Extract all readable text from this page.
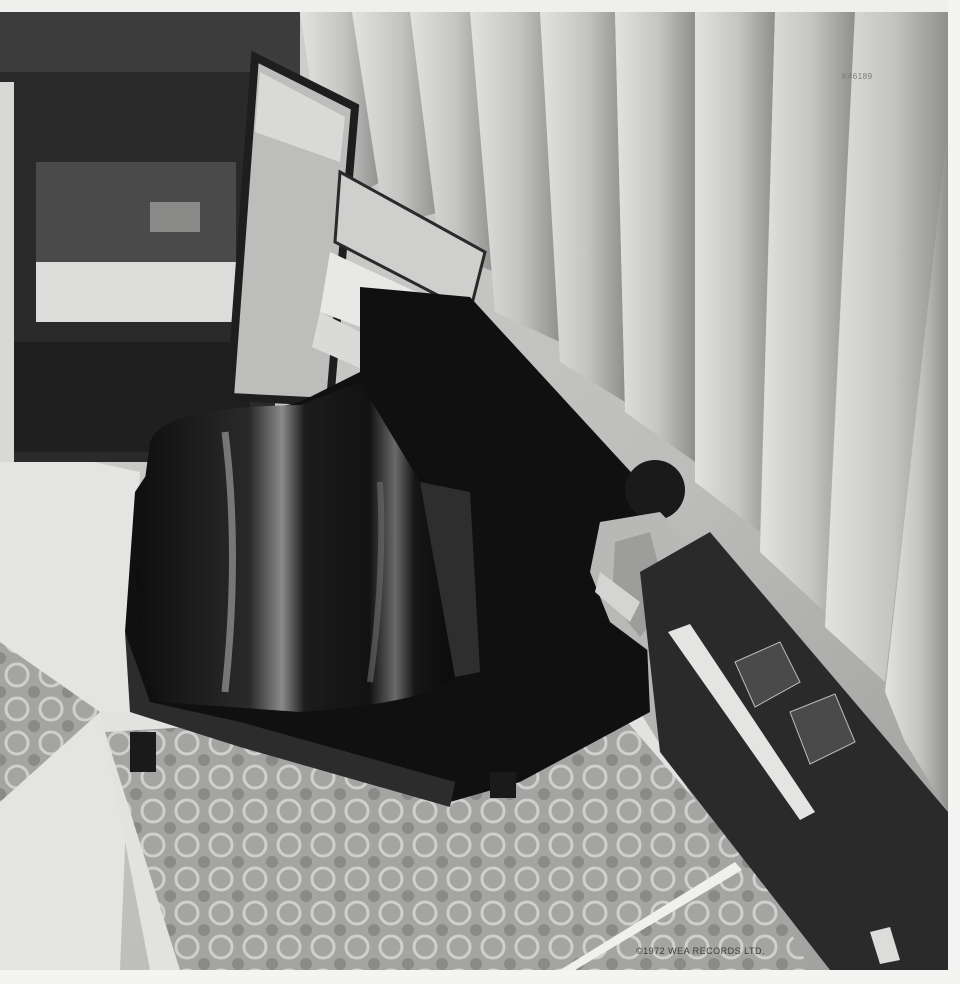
K46189
©1972 WEA RECORDS LTD.
